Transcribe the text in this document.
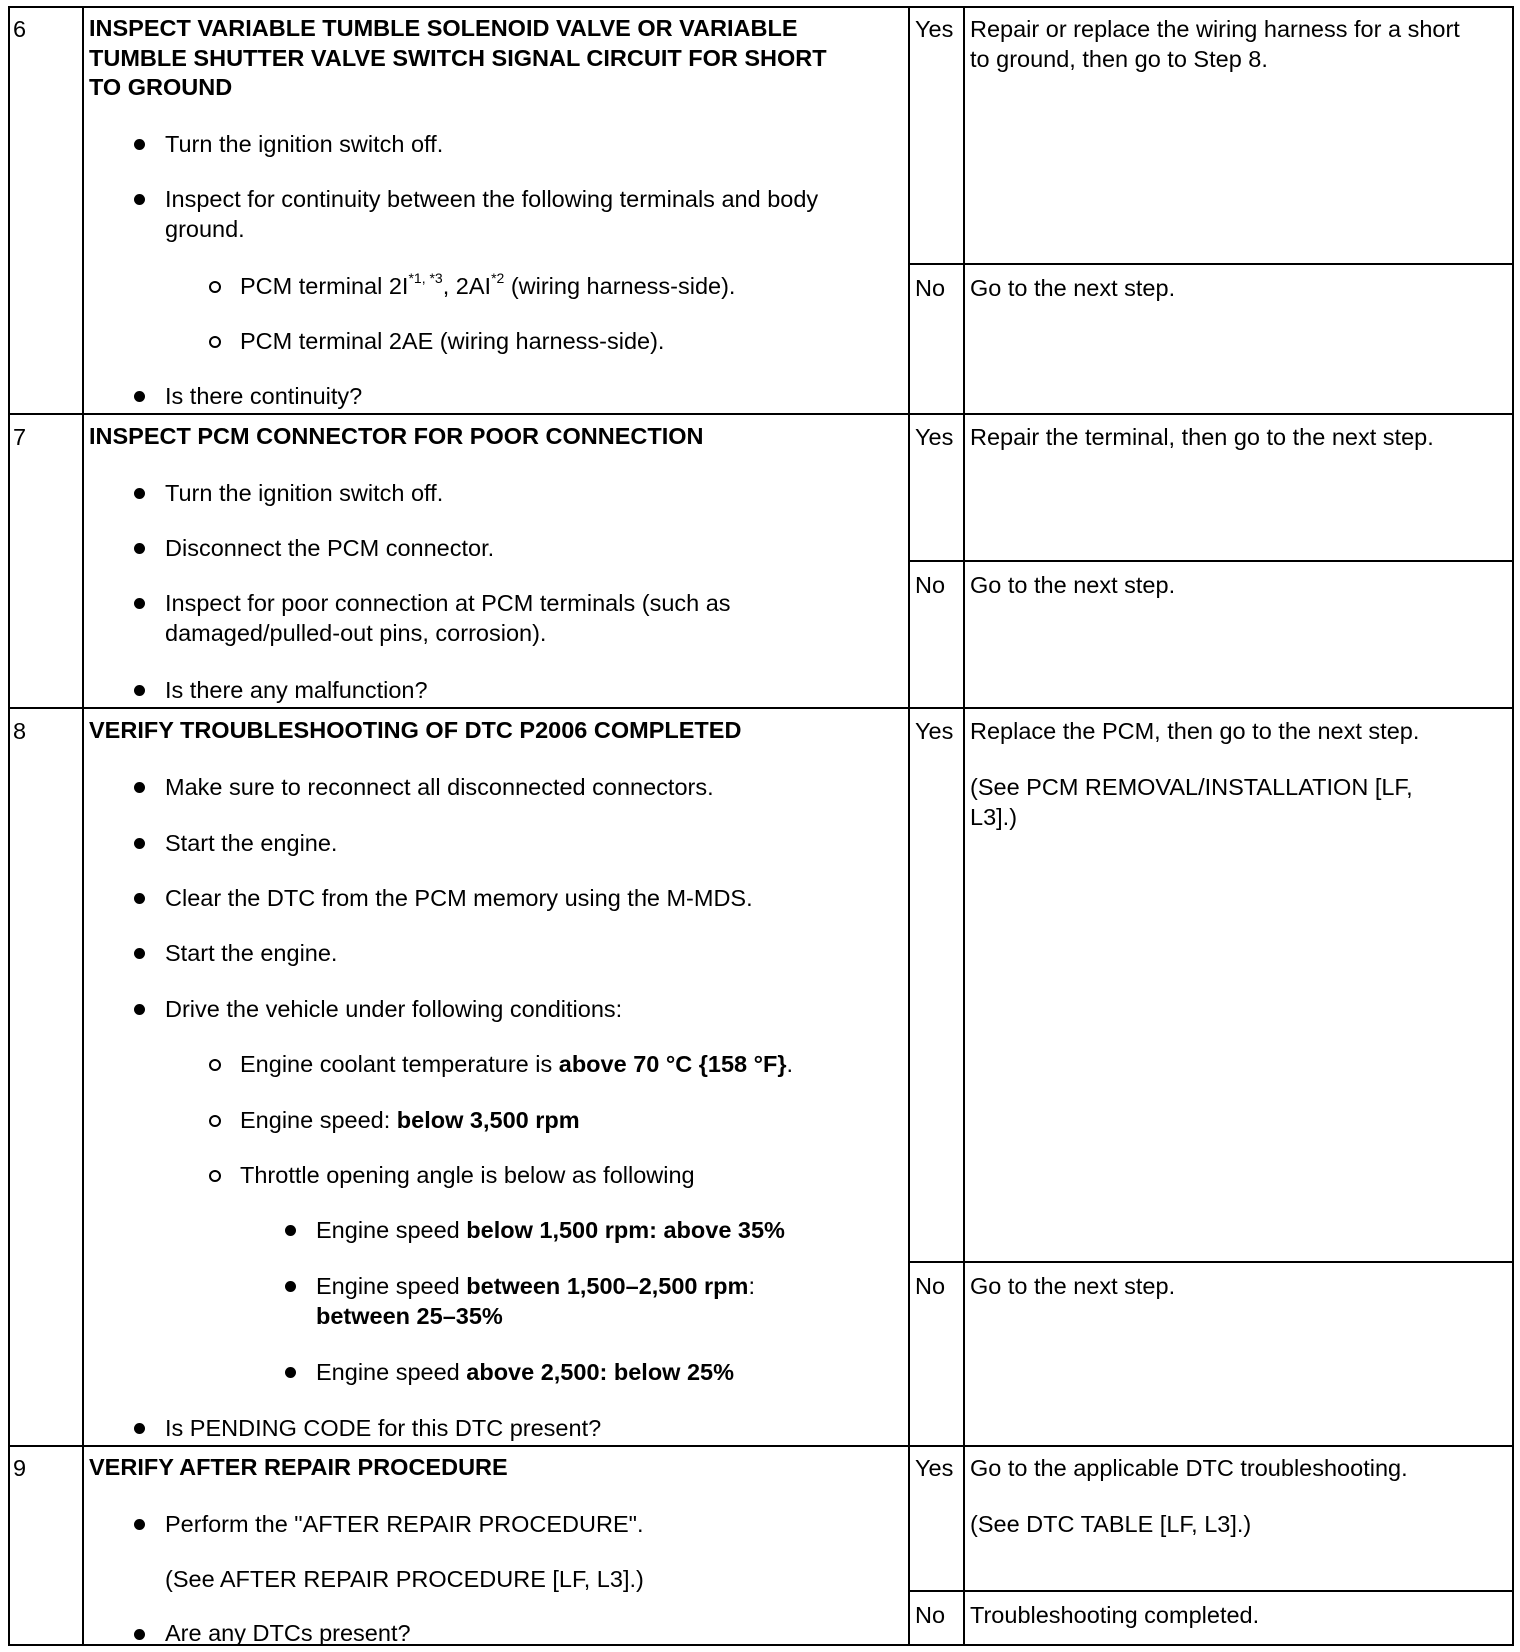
6	INSPECT VARIABLE TUMBLE SOLENOID VALVE OR VARIABLE
TUMBLE SHUTTER VALVE SWITCH SIGNAL CIRCUIT FOR SHORT
TO GROUND
Turn the ignition switch off.
Inspect for continuity between the following terminals and body
ground.
PCM terminal $2I^{*1, *3}$, 2AI$^{*2}$ (wiring harness-side).
PCM terminal 2AE (wiring harness-side).
Is there continuity?
Yes Repair or replace the wiring harness for a short
to ground, then go to Step 8.
No Go to the next step.
7	INSPECT PCM CONNECTOR FOR POOR CONNECTION
Turn the ignition switch off.
Disconnect the PCM connector.
Inspect for poor connection at PCM terminals (such as
damaged/pulled-out pins, corrosion).
Is there any malfunction?
Yes Repair the terminal, then go to the next step.
No Go to the next step.
8	VERIFY TROUBLESHOOTING OF DTC P2006 COMPLETED
Make sure to reconnect all disconnected connectors.
Start the engine.
Clear the DTC from the PCM memory using the M-MDS.
Start the engine.
Drive the vehicle under following conditions:
Engine coolant temperature is above 70 °C {158 °F}.
Engine speed: below 3,500 rpm
Throttle opening angle is below as following
Engine speed below 1,500 rpm: above 35%
Engine speed between 1,500–2,500 rpm:
between 25–35%
Engine speed above 2,500: below 25%
Is PENDING CODE for this DTC present?
Yes Replace the PCM, then go to the next step.
(See PCM REMOVAL/INSTALLATION [LF,
L3].)
No Go to the next step.
9	VERIFY AFTER REPAIR PROCEDURE
Perform the "AFTER REPAIR PROCEDURE".
(See AFTER REPAIR PROCEDURE [LF, L3].)
Are any DTCs present?
Yes Go to the applicable DTC troubleshooting.
(See DTC TABLE [LF, L3].)
No Troubleshooting completed.
